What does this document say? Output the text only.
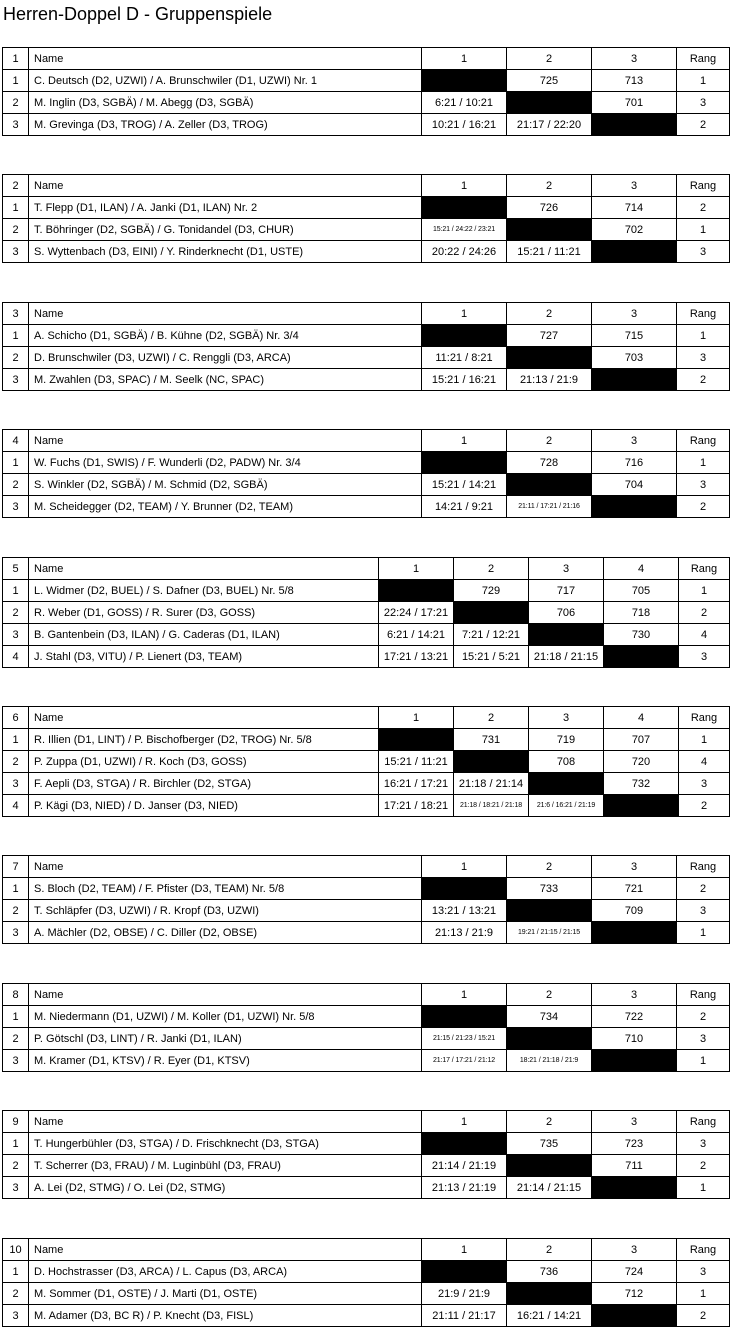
Herren-Doppel D - Gruppenspiele
1	Name	1	2	3	Rang
1	C. Deutsch (D2, UZWI) / A. Brunschwiler (D1, UZWI) Nr. 1		725	713	1
2	M. Inglin (D3, SGBÄ) / M. Abegg (D3, SGBÄ)	6:21 / 10:21		701	3
3	M. Grevinga (D3, TROG) / A. Zeller (D3, TROG)	10:21 / 16:21	21:17 / 22:20		2
2	Name	1	2	3	Rang
1	T. Flepp (D1, ILAN) / A. Janki (D1, ILAN) Nr. 2		726	714	2
2	T. Böhringer (D2, SGBÄ) / G. Tonidandel (D3, CHUR)	15:21 / 24:22 / 23:21		702	1
3	S. Wyttenbach (D3, EINI) / Y. Rinderknecht (D1, USTE)	20:22 / 24:26	15:21 / 11:21		3
3	Name	1	2	3	Rang
1	A. Schicho (D1, SGBÄ) / B. Kühne (D2, SGBÄ) Nr. 3/4		727	715	1
2	D. Brunschwiler (D3, UZWI) / C. Renggli (D3, ARCA)	11:21 / 8:21		703	3
3	M. Zwahlen (D3, SPAC) / M. Seelk (NC, SPAC)	15:21 / 16:21	21:13 / 21:9		2
4	Name	1	2	3	Rang
1	W. Fuchs (D1, SWIS) / F. Wunderli (D2, PADW) Nr. 3/4		728	716	1
2	S. Winkler (D2, SGBÄ) / M. Schmid (D2, SGBÄ)	15:21 / 14:21		704	3
3	M. Scheidegger (D2, TEAM) / Y. Brunner (D2, TEAM)	14:21 / 9:21	21:11 / 17:21 / 21:16		2
5	Name	1	2	3	4	Rang
1	L. Widmer (D2, BUEL) / S. Dafner (D3, BUEL) Nr. 5/8		729	717	705	1
2	R. Weber (D1, GOSS) / R. Surer (D3, GOSS)	22:24 / 17:21		706	718	2
3	B. Gantenbein (D3, ILAN) / G. Caderas (D1, ILAN)	6:21 / 14:21	7:21 / 12:21		730	4
4	J. Stahl (D3, VITU) / P. Lienert (D3, TEAM)	17:21 / 13:21	15:21 / 5:21	21:18 / 21:15		3
6	Name	1	2	3	4	Rang
1	R. Illien (D1, LINT) / P. Bischofberger (D2, TROG) Nr. 5/8		731	719	707	1
2	P. Zuppa (D1, UZWI) / R. Koch (D3, GOSS)	15:21 / 11:21		708	720	4
3	F. Aepli (D3, STGA) / R. Birchler (D2, STGA)	16:21 / 17:21	21:18 / 21:14		732	3
4	P. Kägi (D3, NIED) / D. Janser (D3, NIED)	17:21 / 18:21	21:18 / 18:21 / 21:18	21:6 / 16:21 / 21:19		2
7	Name	1	2	3	Rang
1	S. Bloch (D2, TEAM) / F. Pfister (D3, TEAM) Nr. 5/8		733	721	2
2	T. Schläpfer (D3, UZWI) / R. Kropf (D3, UZWI)	13:21 / 13:21		709	3
3	A. Mächler (D2, OBSE) / C. Diller (D2, OBSE)	21:13 / 21:9	19:21 / 21:15 / 21:15		1
8	Name	1	2	3	Rang
1	M. Niedermann (D1, UZWI) / M. Koller (D1, UZWI) Nr. 5/8		734	722	2
2	P. Götschl (D3, LINT) / R. Janki (D1, ILAN)	21:15 / 21:23 / 15:21		710	3
3	M. Kramer (D1, KTSV) / R. Eyer (D1, KTSV)	21:17 / 17:21 / 21:12	18:21 / 21:18 / 21:9		1
9	Name	1	2	3	Rang
1	T. Hungerbühler (D3, STGA) / D. Frischknecht (D3, STGA)		735	723	3
2	T. Scherrer (D3, FRAU) / M. Luginbühl (D3, FRAU)	21:14 / 21:19		711	2
3	A. Lei (D2, STMG) / O. Lei (D2, STMG)	21:13 / 21:19	21:14 / 21:15		1
10	Name	1	2	3	Rang
1	D. Hochstrasser (D3, ARCA) / L. Capus (D3, ARCA)		736	724	3
2	M. Sommer (D1, OSTE) / J. Marti (D1, OSTE)	21:9 / 21:9		712	1
3	M. Adamer (D3, BC R) / P. Knecht (D3, FISL)	21:11 / 21:17	16:21 / 14:21		2
